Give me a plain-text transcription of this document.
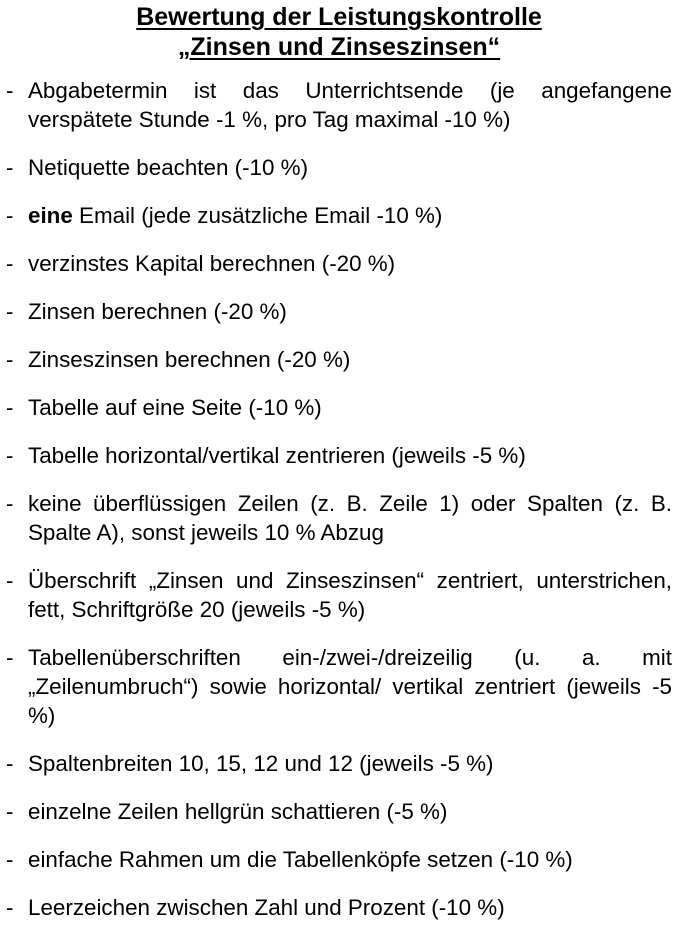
Bewertung der Leistungskontrolle
„Zinsen und Zinseszinsen“
- Abgabetermin ist das Unterrichtsende (je angefangene verspätete Stunde -1 %, pro Tag maximal -10 %)
- Netiquette beachten (-10 %)
- eine Email (jede zusätzliche Email -10 %)
- verzinstes Kapital berechnen (-20 %)
- Zinsen berechnen (-20 %)
- Zinseszinsen berechnen (-20 %)
- Tabelle auf eine Seite (-10 %)
- Tabelle horizontal/vertikal zentrieren (jeweils -5 %)
- keine überflüssigen Zeilen (z. B. Zeile 1) oder Spalten (z. B. Spalte A), sonst jeweils 10 % Abzug
- Überschrift „Zinsen und Zinseszinsen“ zentriert, unterstrichen, fett, Schriftgröße 20 (jeweils -5 %)
- Tabellenüberschriften ein-/zwei-/dreizeilig (u. a. mit „Zeilenumbruch“) sowie horizontal/ vertikal zentriert (jeweils -5 %)
- Spaltenbreiten 10, 15, 12 und 12 (jeweils -5 %)
- einzelne Zeilen hellgrün schattieren (-5 %)
- einfache Rahmen um die Tabellenköpfe setzen (-10 %)
- Leerzeichen zwischen Zahl und Prozent (-10 %)
